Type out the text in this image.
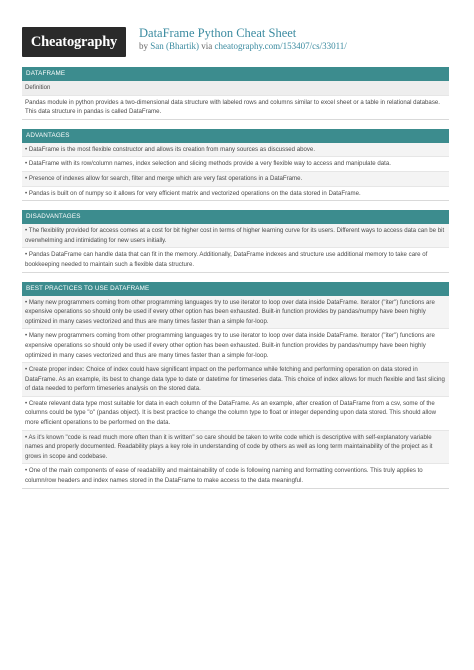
Cheatography
DataFrame Python Cheat Sheet
by San (Bhartik) via cheatography.com/153407/cs/33011/
DATAFRAME
Definition
Pandas module in python provides a two-dimensional data structure with labeled rows and columns similar to excel sheet or a table in relational database. This data structure in pandas is called DataFrame.
ADVANTAGES
• DataFrame is the most flexible constructor and allows its creation from many sources as discussed above.
• DataFrame with its row/column names, index selection and slicing methods provide a very flexible way to access and manipulate data.
• Presence of indexes allow for search, filter and merge which are very fast operations in a DataFrame.
• Pandas is built on of numpy so it allows for very efficient matrix and vectorized operations on the data stored in DataFrame.
DISADVANTAGES
• The flexibility provided for access comes at a cost for bit higher cost in terms of higher learning curve for its users. Different ways to access data can be bit overwhelming and intimidating for new users initially.
• Pandas DataFrame can handle data that can fit in the memory. Additionally, DataFrame indexes and structure use additional memory to take care of bookkeeping needed to maintain such a flexible data structure.
BEST PRACTICES TO USE DATAFRAME
• Many new programmers coming from other programming languages try to use iterator to loop over data inside DataFrame. Iterator ("iter") functions are expensive operations so should only be used if every other option has been exhausted. Built-in function provides by pandas/numpy have been highly optimized in many cases vectorized and thus are many times faster than a simple for-loop.
• Many new programmers coming from other programming languages try to use iterator to loop over data inside DataFrame. Iterator ("iter") functions are expensive operations so should only be used if every other option has been exhausted. Built-in function provides by pandas/numpy have been highly optimized in many cases vectorized and thus are many times faster than a simple for-loop.
• Create proper index: Choice of index could have significant impact on the performance while fetching and performing operation on data stored in DataFrame. As an example, its best to change data type to date or datetime for timeseries data. This choice of index allows for much flexible and fast slicing of data needed to perform timeseries analysis on the stored data.
• Create relevant data type most suitable for data in each column of the DataFrame. As an example, after creation of DataFrame from a csv, some of the columns could be type "o" (pandas object). It is best practice to change the column type to float or integer depending upon data stored. This should allow more efficient operations to be performed on the data.
• As it's known "code is read much more often than it is written" so care should be taken to write code which is descriptive with self-explanatory variable names and properly documented. Readability plays a key role in understanding of code by others as well as long term maintainability of the project as it grows in scope and codebase.
• One of the main components of ease of readability and maintainability of code is following naming and formatting conventions. This truly applies to column/row headers and index names stored in the DataFrame to make access to the data meaningful.
